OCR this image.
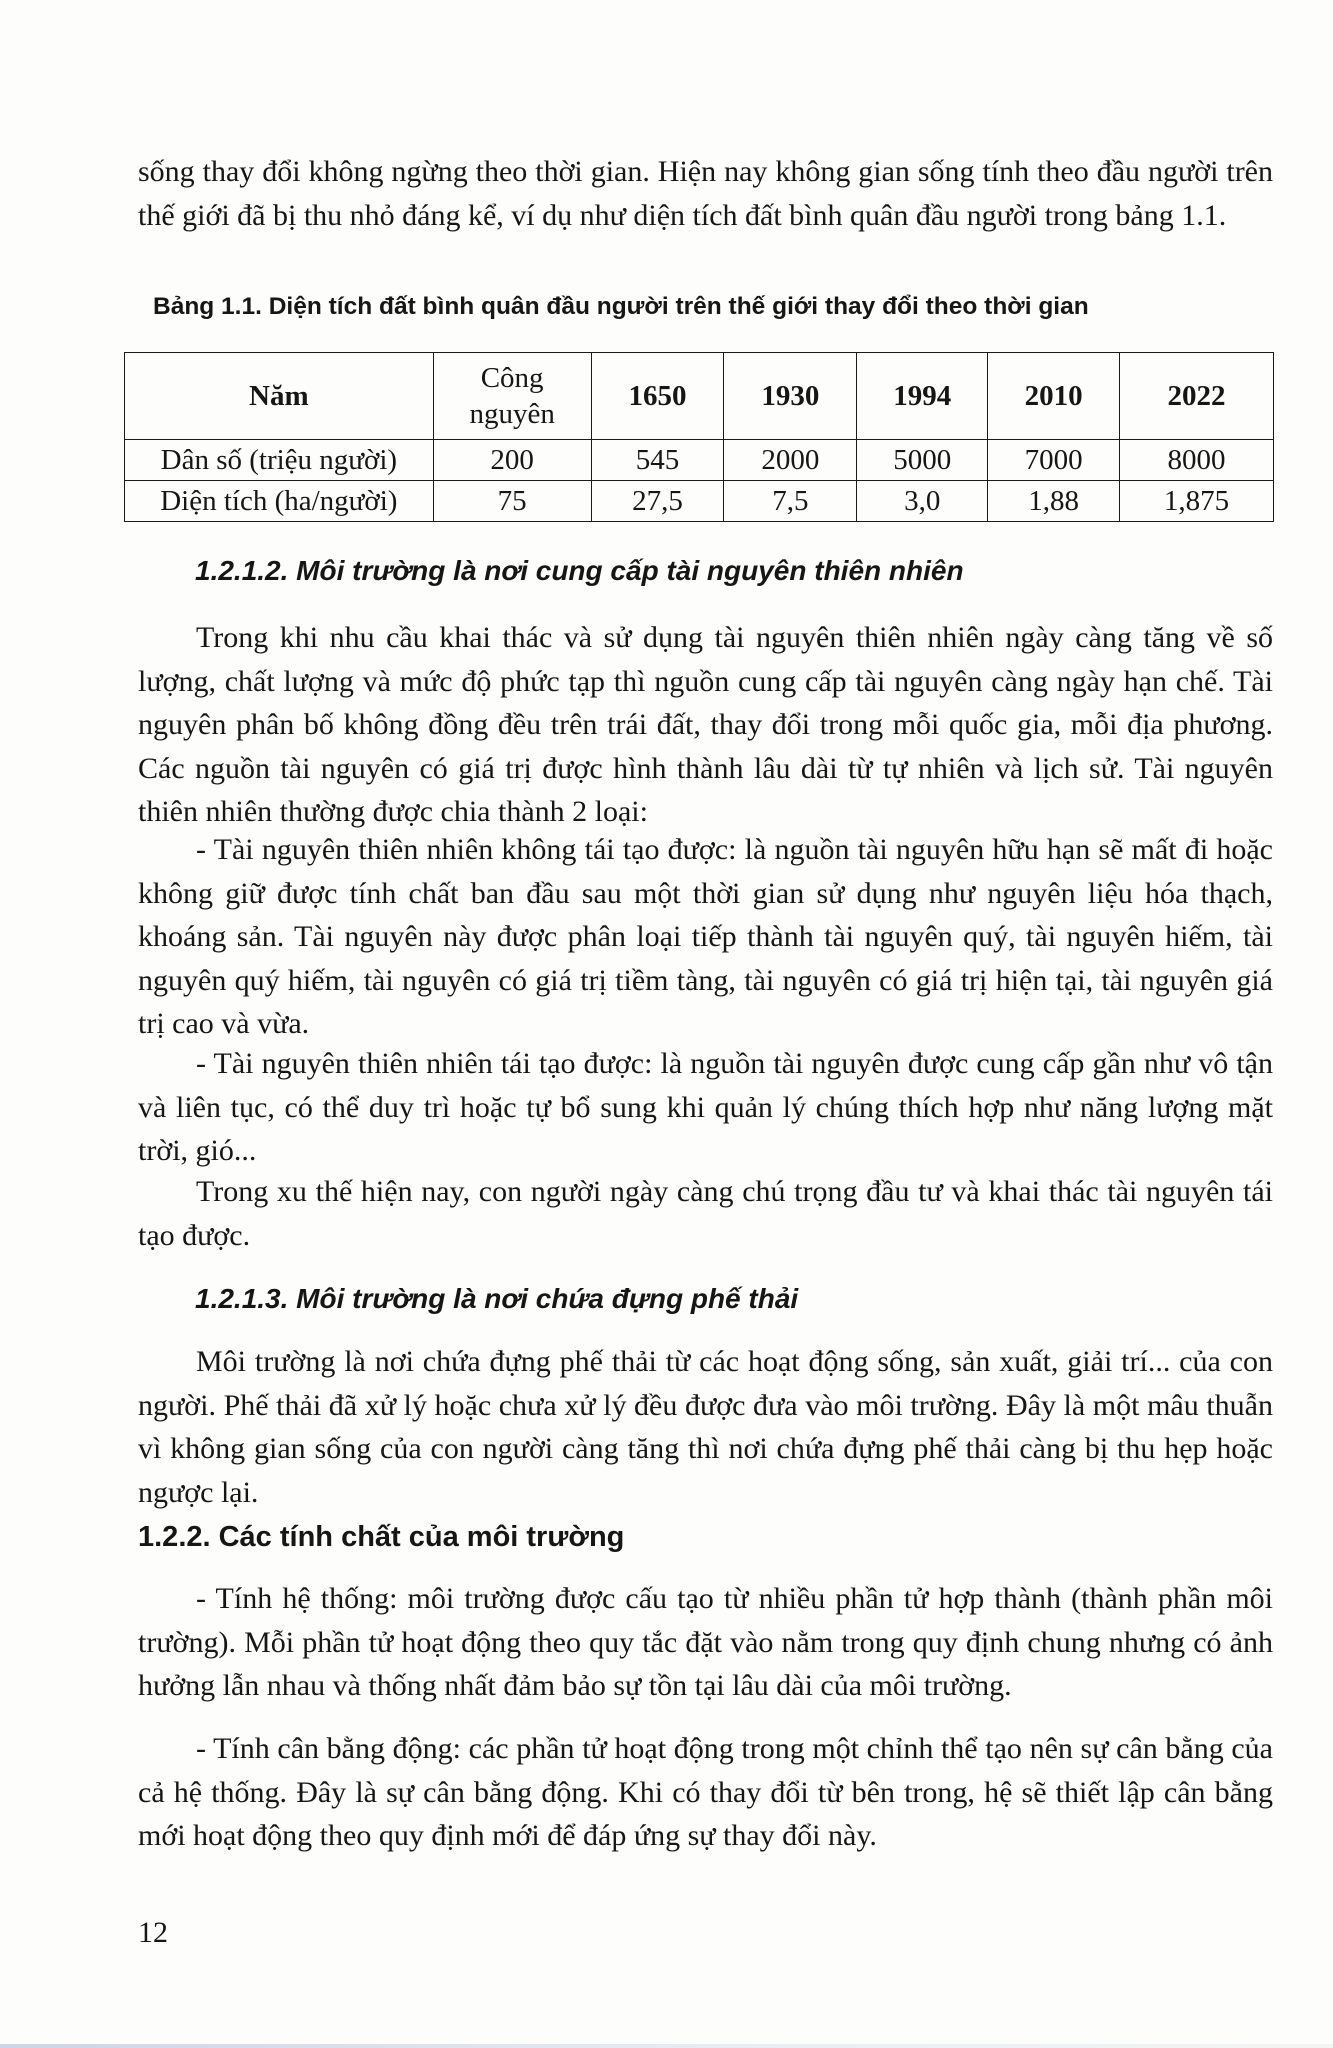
sống thay đổi không ngừng theo thời gian. Hiện nay không gian sống tính theo đầu người trên thế giới đã bị thu nhỏ đáng kể, ví dụ như diện tích đất bình quân đầu người trong bảng 1.1.

Bảng 1.1. Diện tích đất bình quân đầu người trên thế giới thay đổi theo thời gian

Năm	Công nguyên	1650	1930	1994	2010	2022
Dân số (triệu người)	200	545	2000	5000	7000	8000
Diện tích (ha/người)	75	27,5	7,5	3,0	1,88	1,875

1.2.1.2. Môi trường là nơi cung cấp tài nguyên thiên nhiên

Trong khi nhu cầu khai thác và sử dụng tài nguyên thiên nhiên ngày càng tăng về số lượng, chất lượng và mức độ phức tạp thì nguồn cung cấp tài nguyên càng ngày hạn chế. Tài nguyên phân bố không đồng đều trên trái đất, thay đổi trong mỗi quốc gia, mỗi địa phương. Các nguồn tài nguyên có giá trị được hình thành lâu dài từ tự nhiên và lịch sử. Tài nguyên thiên nhiên thường được chia thành 2 loại:

- Tài nguyên thiên nhiên không tái tạo được: là nguồn tài nguyên hữu hạn sẽ mất đi hoặc không giữ được tính chất ban đầu sau một thời gian sử dụng như nguyên liệu hóa thạch, khoáng sản. Tài nguyên này được phân loại tiếp thành tài nguyên quý, tài nguyên hiếm, tài nguyên quý hiếm, tài nguyên có giá trị tiềm tàng, tài nguyên có giá trị hiện tại, tài nguyên giá trị cao và vừa.

- Tài nguyên thiên nhiên tái tạo được: là nguồn tài nguyên được cung cấp gần như vô tận và liên tục, có thể duy trì hoặc tự bổ sung khi quản lý chúng thích hợp như năng lượng mặt trời, gió...

Trong xu thế hiện nay, con người ngày càng chú trọng đầu tư và khai thác tài nguyên tái tạo được.

1.2.1.3. Môi trường là nơi chứa đựng phế thải

Môi trường là nơi chứa đựng phế thải từ các hoạt động sống, sản xuất, giải trí... của con người. Phế thải đã xử lý hoặc chưa xử lý đều được đưa vào môi trường. Đây là một mâu thuẫn vì không gian sống của con người càng tăng thì nơi chứa đựng phế thải càng bị thu hẹp hoặc ngược lại.

1.2.2. Các tính chất của môi trường

- Tính hệ thống: môi trường được cấu tạo từ nhiều phần tử hợp thành (thành phần môi trường). Mỗi phần tử hoạt động theo quy tắc đặt vào nằm trong quy định chung nhưng có ảnh hưởng lẫn nhau và thống nhất đảm bảo sự tồn tại lâu dài của môi trường.

- Tính cân bằng động: các phần tử hoạt động trong một chỉnh thể tạo nên sự cân bằng của cả hệ thống. Đây là sự cân bằng động. Khi có thay đổi từ bên trong, hệ sẽ thiết lập cân bằng mới hoạt động theo quy định mới để đáp ứng sự thay đổi này.

12
